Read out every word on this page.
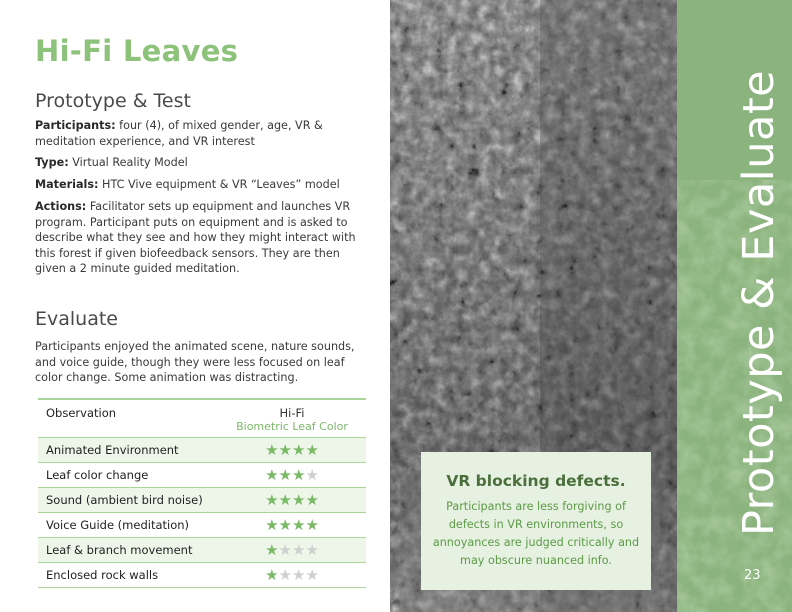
Hi-Fi Leaves
Prototype & Test

Participants: four (4), of mixed gender, age, VR & meditation experience, and VR interest

Type: Virtual Reality Model

Materials: HTC Vive equipment & VR “Leaves” model

Actions: Facilitator sets up equipment and launches VR program. Participant puts on equipment and is asked to describe what they see and how they might interact with this forest if given biofeedback sensors. They are then given a 2 minute guided meditation.

Evaluate

Participants enjoyed the animated scene, nature sounds, and voice guide, though they were less focused on leaf color change. Some animation was distracting.

Observation	Hi-Fi
Biometric Leaf Color
Animated Environment	★★★★
Leaf color change	★★★★
Sound (ambient bird noise)	★★★★
Voice Guide (meditation)	★★★★
Leaf & branch movement	★★★★
Enclosed rock walls	★★★★
Prototype & Evaluate
23
VR blocking defects.
Participants are less forgiving of defects in VR environments, so annoyances are judged critically and may obscure nuanced info.
